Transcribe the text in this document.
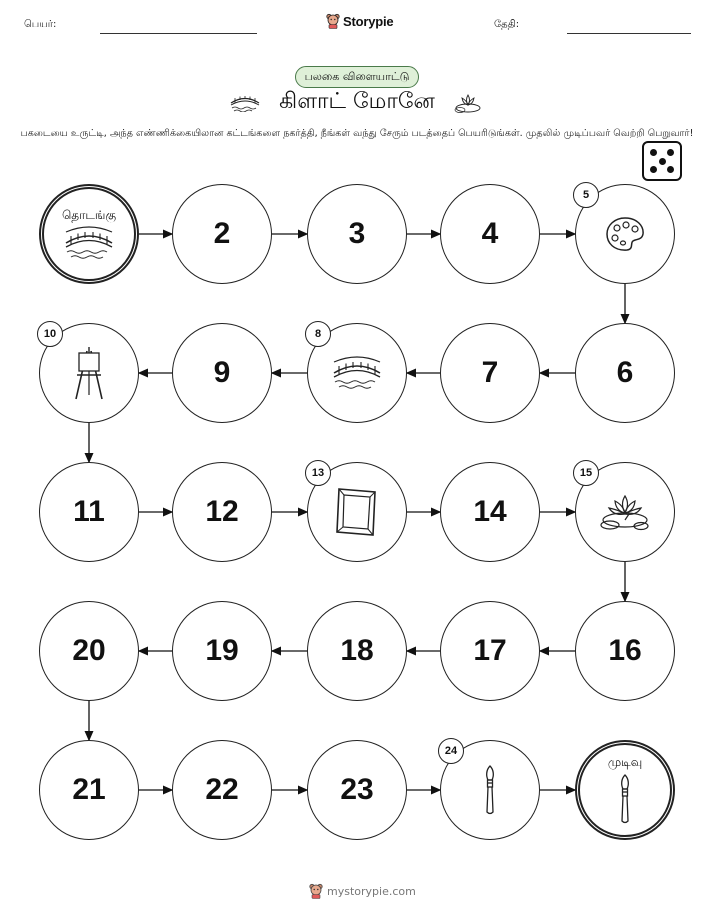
பெயர்:	Storypie	தேதி:
பலகை விளையாட்டு
கிளாட் மோனே
பகடையை உருட்டி, அந்த எண்ணிக்கையிலான கட்டங்களை நகர்த்தி, நீங்கள் வந்து சேரும் படத்தைப் பெயரிடுங்கள். முதலில் முடிப்பவர் வெற்றி பெறுவார்!
தொடங்கு
2	3	4
5
6
7
8
9
10
11	12
13
14
15
16
17
18
19
20
21	22	23
24
முடிவு
mystorypie.com
